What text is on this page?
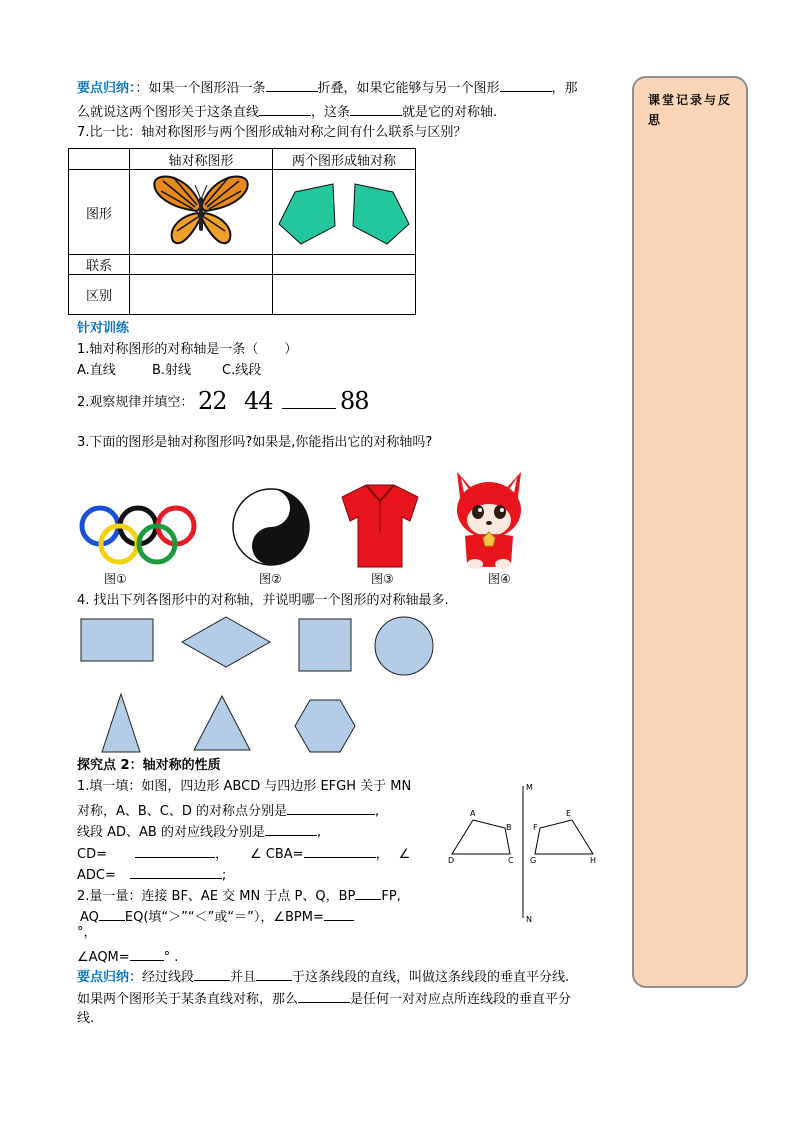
课堂记录与反思
要点归纳：：如果一个图形沿一条	折叠，如果它能够与另一个图形	，那
么就说这两个图形关于这条直线	，这条	就是它的对称轴.
7.比一比：轴对称图形与两个图形成轴对称之间有什么联系与区别？
	轴对称图形	两个图形成轴对称
图形		
联系		
区别		
针对训练
1.轴对称图形的对称轴是一条（　　）
A.直线	B.射线 C.线段
2.观察规律并填空： 22 44	88
3.下面的图形是轴对称图形吗?如果是,你能指出它的对称轴吗?
图①	图②	图③	图④
4. 找出下列各图形中的对称轴，并说明哪一个图形的对称轴最多.
探究点 2：轴对称的性质
1.填一填：如图，四边形 ABCD 与四边形 EFGH 关于 MN
对称，A、B、C、D 的对称点分别是	,
线段 AD、AB 的对应线段分别是	,
CD=	， ∠ CBA=	， ∠
ADC=	;
2.量一量：连接 BF、AE 交 MN 于点 P、Q，BP FP,
AQ EQ(填“＞”“＜”或“＝”），∠BPM=
°，
∠AQM=	° .
M
N
A
B
C
D
E
F
G	H
要点归纳：经过线段	并且	于这条线段的直线，叫做这条线段的垂直平分线.
如果两个图形关于某条直线对称，那么	是任何一对对应点所连线段的垂直平分
线.
